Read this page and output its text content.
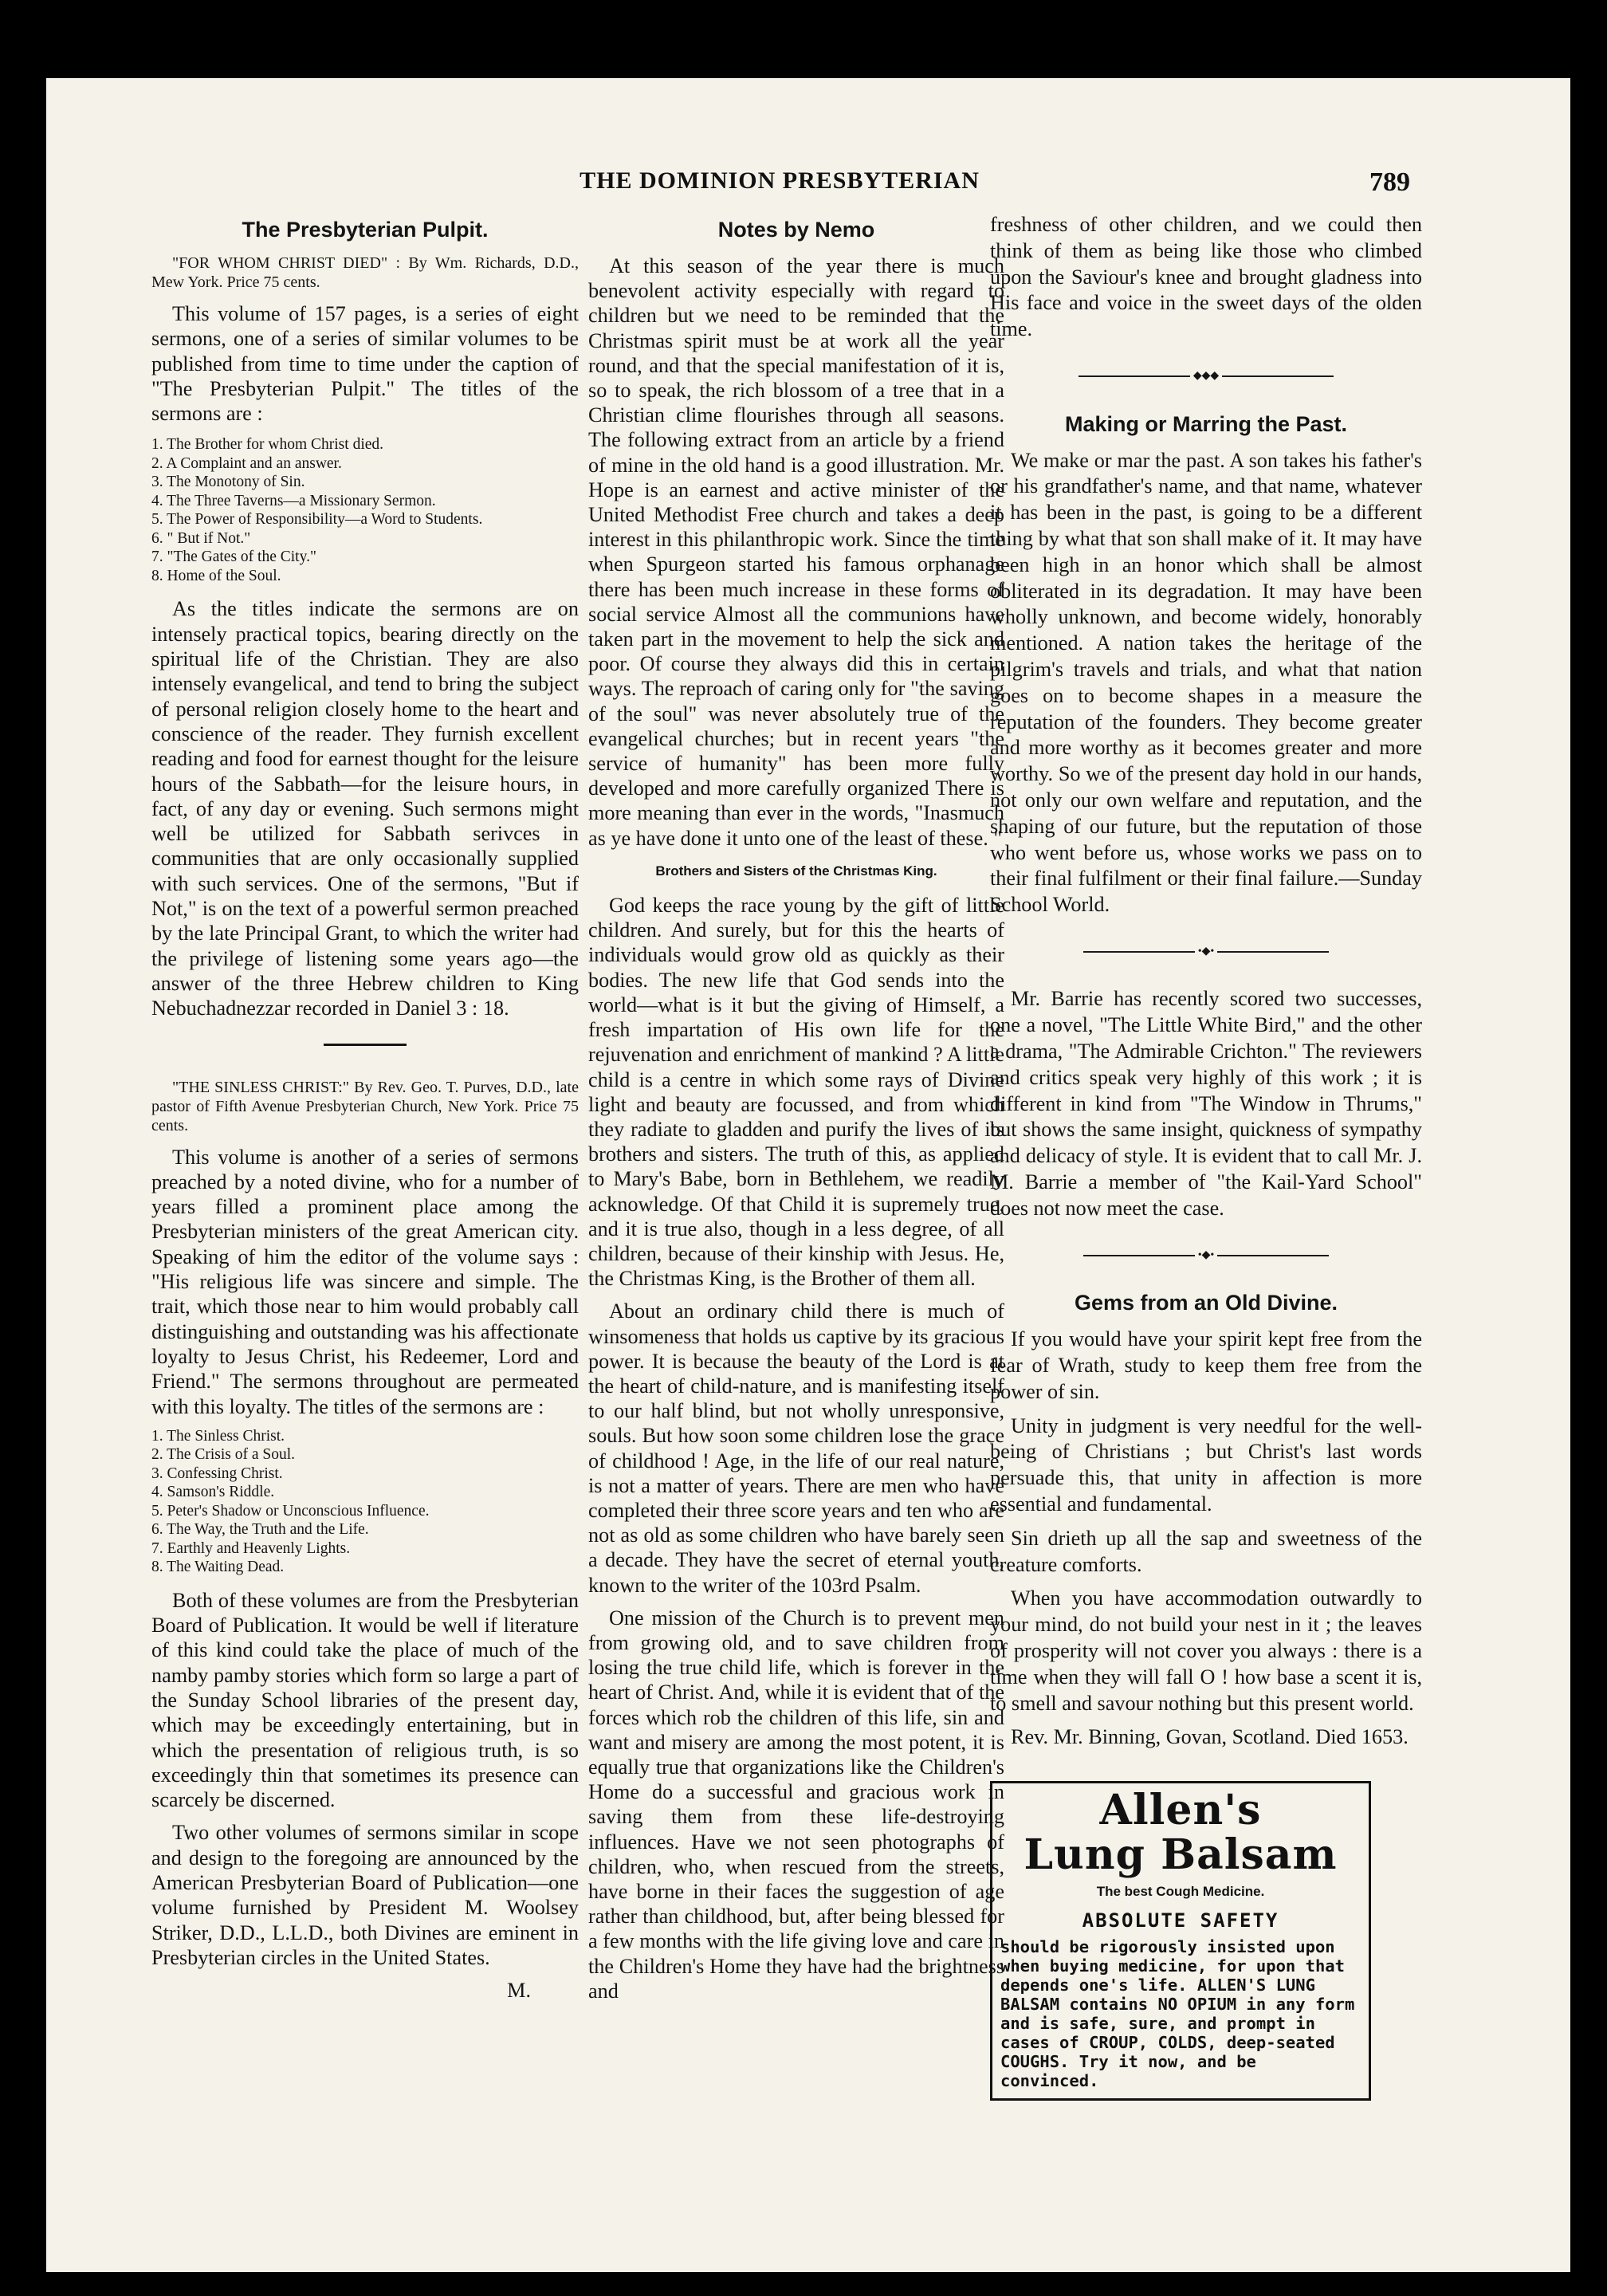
THE DOMINION PRESBYTERIAN	789
The Presbyterian Pulpit.

"FOR WHOM CHRIST DIED" : By Wm. Richards, D.D., Mew York. Price 75 cents.

This volume of 157 pages, is a series of eight sermons, one of a series of similar volumes to be published from time to time under the caption of "The Presbyterian Pulpit." The titles of the sermons are :

1. The Brother for whom Christ died.
2. A Complaint and an answer.
3. The Monotony of Sin.
4. The Three Taverns—a Missionary Sermon.
5. The Power of Responsibility—a Word to Students.
6. " But if Not."
7. "The Gates of the City."
8. Home of the Soul.

As the titles indicate the sermons are on intensely practical topics, bearing directly on the spiritual life of the Christian. They are also intensely evangelical, and tend to bring the subject of personal religion closely home to the heart and conscience of the reader. They furnish excellent reading and food for earnest thought for the leisure hours of the Sabbath—for the leisure hours, in fact, of any day or evening. Such sermons might well be utilized for Sabbath serivces in communities that are only occasionally supplied with such services. One of the sermons, "But if Not," is on the text of a powerful sermon preached by the late Principal Grant, to which the writer had the privilege of listening some years ago—the answer of the three Hebrew children to King Nebuchadnezzar recorded in Daniel 3 : 18.

"THE SINLESS CHRIST:" By Rev. Geo. T. Purves, D.D., late pastor of Fifth Avenue Presbyterian Church, New York. Price 75 cents.

This volume is another of a series of sermons preached by a noted divine, who for a number of years filled a prominent place among the Presbyterian ministers of the great American city. Speaking of him the editor of the volume says : "His religious life was sincere and simple. The trait, which those near to him would probably call distinguishing and outstanding was his affectionate loyalty to Jesus Christ, his Redeemer, Lord and Friend." The sermons throughout are permeated with this loyalty. The titles of the sermons are :

1. The Sinless Christ.
2. The Crisis of a Soul.
3. Confessing Christ.
4. Samson's Riddle.
5. Peter's Shadow or Unconscious Influence.
6. The Way, the Truth and the Life.
7. Earthly and Heavenly Lights.
8. The Waiting Dead.

Both of these volumes are from the Presbyterian Board of Publication. It would be well if literature of this kind could take the place of much of the namby pamby stories which form so large a part of the Sunday School libraries of the present day, which may be exceedingly entertaining, but in which the presentation of religious truth, is so exceedingly thin that sometimes its presence can scarcely be discerned.

Two other volumes of sermons similar in scope and design to the foregoing are announced by the American Presbyterian Board of Publication—one volume furnished by President M. Woolsey Striker, D.D., L.L.D., both Divines are eminent in Presbyterian circles in the United States.

M.

Notes by Nemo

At this season of the year there is much benevolent activity especially with regard to children but we need to be reminded that the Christmas spirit must be at work all the year round, and that the special manifestation of it is, so to speak, the rich blossom of a tree that in a Christian clime flourishes through all seasons. The following extract from an article by a friend of mine in the old hand is a good illustration. Mr. Hope is an earnest and active minister of the United Methodist Free church and takes a deep interest in this philanthropic work. Since the time when Spurgeon started his famous orphanage there has been much increase in these forms of social service Almost all the communions have taken part in the movement to help the sick and poor. Of course they always did this in certain ways. The reproach of caring only for "the saving of the soul" was never absolutely true of the evangelical churches; but in recent years "the service of humanity" has been more fully developed and more carefully organized There is more meaning than ever in the words, "Inasmuch as ye have done it unto one of the least of these. "

Brothers and Sisters of the Christmas King.

God keeps the race young by the gift of little children. And surely, but for this the hearts of individuals would grow old as quickly as their bodies. The new life that God sends into the world—what is it but the giving of Himself, a fresh impartation of His own life for the rejuvenation and enrichment of mankind ? A little child is a centre in which some rays of Divine light and beauty are focussed, and from which they radiate to gladden and purify the lives of its brothers and sisters. The truth of this, as applied to Mary's Babe, born in Bethlehem, we readily acknowledge. Of that Child it is supremely true, and it is true also, though in a less degree, of all children, because of their kinship with Jesus. He, the Christmas King, is the Brother of them all.

About an ordinary child there is much of winsomeness that holds us captive by its gracious power. It is because the beauty of the Lord is at the heart of child-nature, and is manifesting itself to our half blind, but not wholly unresponsive, souls. But how soon some children lose the grace of childhood ! Age, in the life of our real nature, is not a matter of years. There are men who have completed their three score years and ten who are not as old as some children who have barely seen a decade. They have the secret of eternal youth, known to the writer of the 103rd Psalm.

One mission of the Church is to prevent men from growing old, and to save children from losing the true child life, which is forever in the heart of Christ. And, while it is evident that of the forces which rob the children of this life, sin and want and misery are among the most potent, it is equally true that organizations like the Children's Home do a successful and gracious work in saving them from these life-destroying influences. Have we not seen photographs of children, who, when rescued from the streets, have borne in their faces the suggestion of age rather than childhood, but, after being blessed for a few months with the life giving love and care in the Children's Home they have had the brightness and

freshness of other children, and we could then think of them as being like those who climbed upon the Saviour's knee and brought gladness into His face and voice in the sweet days of the olden time.

◆◆◆
Making or Marring the Past.

We make or mar the past. A son takes his father's or his grandfather's name, and that name, whatever it has been in the past, is going to be a different thing by what that son shall make of it. It may have been high in an honor which shall be almost obliterated in its degradation. It may have been wholly unknown, and become widely, honorably mentioned. A nation takes the heritage of the pilgrim's travels and trials, and what that nation goes on to become shapes in a measure the reputation of the founders. They become greater and more worthy as it becomes greater and more worthy. So we of the present day hold in our hands, not only our own welfare and reputation, and the shaping of our future, but the reputation of those who went before us, whose works we pass on to their final fulfilment or their final failure.—Sunday School World.

•◆•

Mr. Barrie has recently scored two successes, one a novel, "The Little White Bird," and the other a drama, "The Admirable Crichton." The reviewers and critics speak very highly of this work ; it is different in kind from "The Window in Thrums," but shows the same insight, quickness of sympathy and delicacy of style. It is evident that to call Mr. J. M. Barrie a member of "the Kail-Yard School" does not now meet the case.

•◆•
Gems from an Old Divine.

If you would have your spirit kept free from the fear of Wrath, study to keep them free from the power of sin.

Unity in judgment is very needful for the well-being of Christians ; but Christ's last words persuade this, that unity in affection is more essential and fundamental.

Sin drieth up all the sap and sweetness of the creature comforts.

When you have accommodation outwardly to your mind, do not build your nest in it ; the leaves of prosperity will not cover you always : there is a time when they will fall O ! how base a scent it is, to smell and savour nothing but this present world.

Rev. Mr. Binning, Govan, Scotland. Died 1653.

Allen's
Lung Balsam
The best Cough Medicine.
ABSOLUTE SAFETY
should be rigorously insisted upon when buying medicine, for upon that depends one's life. ALLEN'S LUNG BALSAM contains NO OPIUM in any form and is safe, sure, and prompt in cases of CROUP, COLDS, deep-seated COUGHS. Try it now, and be convinced.
